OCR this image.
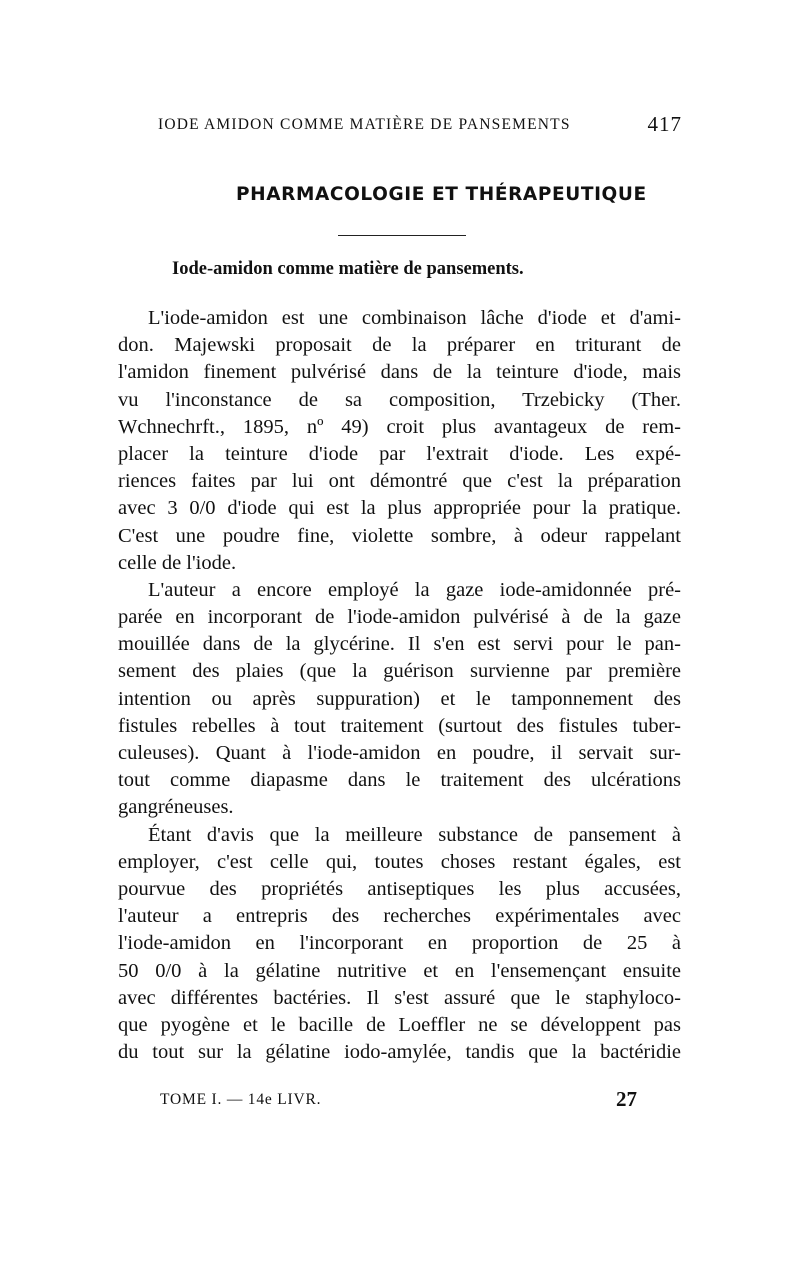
IODE AMIDON COMME MATIÈRE DE PANSEMENTS	417
PHARMACOLOGIE ET THÉRAPEUTIQUE
Iode-amidon comme matière de pansements.
L'iode-amidon est une combinaison lâche d'iode et d'ami-
don. Majewski proposait de la préparer en triturant de
l'amidon finement pulvérisé dans de la teinture d'iode, mais
vu l'inconstance de sa composition, Trzebicky (Ther.
Wchnechrft., 1895, nº 49) croit plus avantageux de rem-
placer la teinture d'iode par l'extrait d'iode. Les expé-
riences faites par lui ont démontré que c'est la préparation
avec 3 0/0 d'iode qui est la plus appropriée pour la pratique.
C'est une poudre fine, violette sombre, à odeur rappelant
celle de l'iode.
L'auteur a encore employé la gaze iode-amidonnée pré-
parée en incorporant de l'iode-amidon pulvérisé à de la gaze
mouillée dans de la glycérine. Il s'en est servi pour le pan-
sement des plaies (que la guérison survienne par première
intention ou après suppuration) et le tamponnement des
fistules rebelles à tout traitement (surtout des fistules tuber-
culeuses). Quant à l'iode-amidon en poudre, il servait sur-
tout comme diapasme dans le traitement des ulcérations
gangréneuses.
Étant d'avis que la meilleure substance de pansement à
employer, c'est celle qui, toutes choses restant égales, est
pourvue des propriétés antiseptiques les plus accusées,
l'auteur a entrepris des recherches expérimentales avec
l'iode-amidon en l'incorporant en proportion de 25 à
50 0/0 à la gélatine nutritive et en l'ensemençant ensuite
avec différentes bactéries. Il s'est assuré que le staphyloco-
que pyogène et le bacille de Loeffler ne se développent pas
du tout sur la gélatine iodo-amylée, tandis que la bactéridie
TOME I. — 14e LIVR.	27
